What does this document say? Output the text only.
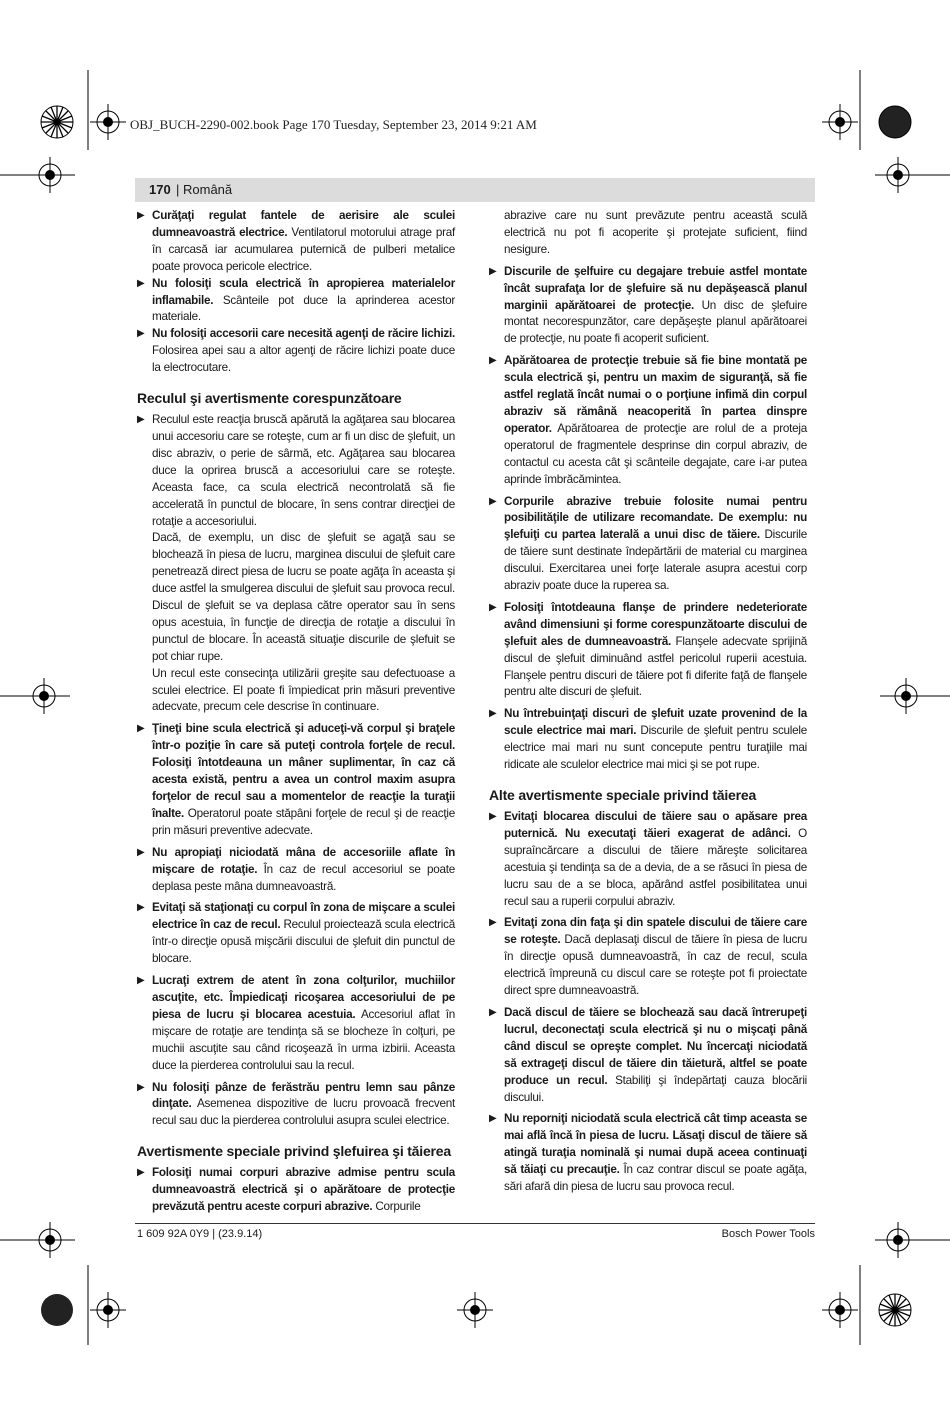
OBJ_BUCH-2290-002.book Page 170 Tuesday, September 23, 2014 9:21 AM
170 | Română
▶ Curăţaţi regulat fantele de aerisire ale sculei dumneavoastră electrice. Ventilatorul motorului atrage praf în carcasă iar acumularea puternică de pulberi metalice poate provoca pericole electrice.
▶ Nu folosiţi scula electrică în apropierea materialelor inflamabile. Scânteile pot duce la aprinderea acestor materiale.
▶ Nu folosiţi accesorii care necesită agenţi de răcire lichizi. Folosirea apei sau a altor agenţi de răcire lichizi poate duce la electrocutare.
Reculul şi avertismente corespunzătoare
▶ Reculul este reacţia bruscă apărută la agăţarea sau blocarea unui accesoriu care se roteşte, cum ar fi un disc de şlefuit, un disc abraziv, o perie de sârmă, etc. Agăţarea sau blocarea duce la oprirea bruscă a accesoriului care se roteşte. Aceasta face, ca scula electrică necontrolată să fie accelerată în punctul de blocare, în sens contrar direcţiei de rotaţie a accesoriului.
Dacă, de exemplu, un disc de şlefuit se agaţă sau se blochează în piesa de lucru, marginea discului de şlefuit care penetrează direct piesa de lucru se poate agăţa în aceasta şi duce astfel la smulgerea discului de şlefuit sau provoca recul. Discul de şlefuit se va deplasa către operator sau în sens opus acestuia, în funcţie de direcţia de rotaţie a discului în punctul de blocare. În această situaţie discurile de şlefuit se pot chiar rupe.
Un recul este consecinţa utilizării greşite sau defectuoase a sculei electrice. El poate fi împiedicat prin măsuri preventive adecvate, precum cele descrise în continuare.
▶ Ţineţi bine scula electrică şi aduceţi-vă corpul şi braţele într-o poziţie în care să puteţi controla forţele de recul. Folosiţi întotdeauna un mâner suplimentar, în caz că acesta există, pentru a avea un control maxim asupra forţelor de recul sau a momentelor de reacţie la turaţii înalte. Operatorul poate stăpâni forţele de recul şi de reacţie prin măsuri preventive adecvate.
▶ Nu apropiaţi niciodată mâna de accesoriile aflate în mişcare de rotaţie. În caz de recul accesoriul se poate deplasa peste mâna dumneavoastră.
▶ Evitaţi să staţionaţi cu corpul în zona de mişcare a sculei electrice în caz de recul. Reculul proiectează scula electrică într-o direcţie opusă mişcării discului de şlefuit din punctul de blocare.
▶ Lucraţi extrem de atent în zona colţurilor, muchiilor ascuţite, etc. Împiedicaţi ricoşarea accesoriului de pe piesa de lucru şi blocarea acestuia. Accesoriul aflat în mişcare de rotaţie are tendinţa să se blocheze în colţuri, pe muchii ascuţite sau când ricoşează în urma izbirii. Aceasta duce la pierderea controlului sau la recul.
▶ Nu folosiţi pânze de ferăstrău pentru lemn sau pânze dinţate. Asemenea dispozitive de lucru provoacă frecvent recul sau duc la pierderea controlului asupra sculei electrice.
Avertismente speciale privind şlefuirea şi tăierea
▶ Folosiţi numai corpuri abrazive admise pentru scula dumneavoastră electrică şi o apărătoare de protecţie prevăzută pentru aceste corpuri abrazive. Corpurile
abrazive care nu sunt prevăzute pentru această sculă electrică nu pot fi acoperite şi protejate suficient, fiind nesigure.
▶ Discurile de şelfuire cu degajare trebuie astfel montate încât suprafaţa lor de şlefuire să nu depăşească planul marginii apărătoarei de protecţie. Un disc de şlefuire montat necorespunzător, care depăşeşte planul apărătoarei de protecţie, nu poate fi acoperit suficient.
▶ Apărătoarea de protecţie trebuie să fie bine montată pe scula electrică şi, pentru un maxim de siguranţă, să fie astfel reglată încât numai o o porţiune infimă din corpul abraziv să rămână neacoperită în partea dinspre operator. Apărătoarea de protecţie are rolul de a proteja operatorul de fragmentele desprinse din corpul abraziv, de contactul cu acesta cât şi scânteile degajate, care i-ar putea aprinde îmbrăcămintea.
▶ Corpurile abrazive trebuie folosite numai pentru posibilităţile de utilizare recomandate. De exemplu: nu şlefuiţi cu partea laterală a unui disc de tăiere. Discurile de tăiere sunt destinate îndepărtării de material cu marginea discului. Exercitarea unei forţe laterale asupra acestui corp abraziv poate duce la ruperea sa.
▶ Folosiţi întotdeauna flanşe de prindere nedeteriorate având dimensiuni şi forme corespunzătoarte discului de şlefuit ales de dumneavoastră. Flanşele adecvate sprijină discul de şlefuit diminuând astfel pericolul ruperii acestuia. Flanşele pentru discuri de tăiere pot fi diferite faţă de flanşele pentru alte discuri de şlefuit.
▶ Nu întrebuinţaţi discuri de şlefuit uzate provenind de la scule electrice mai mari. Discurile de şlefuit pentru sculele electrice mai mari nu sunt concepute pentru turaţiile mai ridicate ale sculelor electrice mai mici şi se pot rupe.
Alte avertismente speciale privind tăierea
▶ Evitaţi blocarea discului de tăiere sau o apăsare prea puternică. Nu executaţi tăieri exagerat de adânci. O supraîncărcare a discului de tăiere măreşte solicitarea acestuia şi tendinţa sa de a devia, de a se răsuci în piesa de lucru sau de a se bloca, apărând astfel posibilitatea unui recul sau a ruperii corpului abraziv.
▶ Evitaţi zona din faţa şi din spatele discului de tăiere care se roteşte. Dacă deplasaţi discul de tăiere în piesa de lucru în direcţie opusă dumneavoastră, în caz de recul, scula electrică împreună cu discul care se roteşte pot fi proiectate direct spre dumneavoastră.
▶ Dacă discul de tăiere se blochează sau dacă întrerupeţi lucrul, deconectaţi scula electrică şi nu o mişcaţi până când discul se opreşte complet. Nu încercaţi niciodată să extrageţi discul de tăiere din tăietură, altfel se poate produce un recul. Stabiliţi şi îndepărtaţi cauza blocării discului.
▶ Nu reporniţi niciodată scula electrică cât timp aceasta se mai află încă în piesa de lucru. Lăsaţi discul de tăiere să atingă turaţia nominală şi numai după aceea continuaţi să tăiaţi cu precauţie. În caz contrar discul se poate agăţa, sări afară din piesa de lucru sau provoca recul.
1 609 92A 0Y9 | (23.9.14)	Bosch Power Tools
